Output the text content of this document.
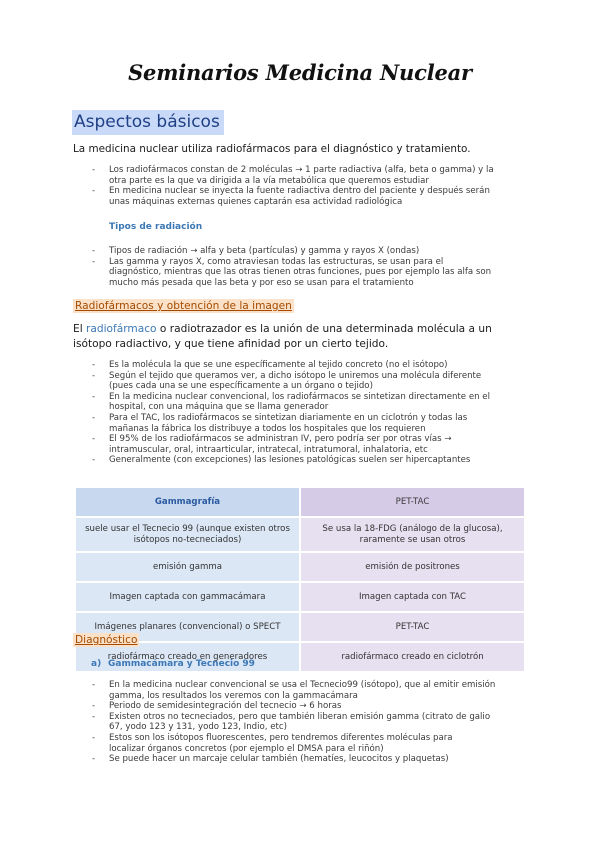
Seminarios Medicina Nuclear
Aspectos básicos
La medicina nuclear utiliza radiofármacos para el diagnóstico y tratamiento.
- Los radiofármacos constan de 2 moléculas → 1 parte radiactiva (alfa, beta o gamma) y la
otra parte es la que va dirigida a la vía metabólica que queremos estudiar
- En medicina nuclear se inyecta la fuente radiactiva dentro del paciente y después serán
unas máquinas externas quienes captarán esa actividad radiológica
Tipos de radiación
- Tipos de radiación → alfa y beta (partículas) y gamma y rayos X (ondas)
- Las gamma y rayos X, como atraviesan todas las estructuras, se usan para el
diagnóstico, mientras que las otras tienen otras funciones, pues por ejemplo las alfa son
mucho más pesada que las beta y por eso se usan para el tratamiento
Radiofármacos y obtención de la imagen
El radiofármaco o radiotrazador es la unión de una determinada molécula a un isótopo radiactivo, y que tiene afinidad por un cierto tejido.
- Es la molécula la que se une específicamente al tejido concreto (no el isótopo)
- Según el tejido que queramos ver, a dicho isótopo le uniremos una molécula diferente
(pues cada una se une específicamente a un órgano o tejido)
- En la medicina nuclear convencional, los radiofármacos se sintetizan directamente en el
hospital, con una máquina que se llama generador
- Para el TAC, los radiofármacos se sintetizan diariamente en un ciclotrón y todas las
mañanas la fábrica los distribuye a todos los hospitales que los requieren
- El 95% de los radiofármacos se administran IV, pero podría ser por otras vías →
intramuscular, oral, intraarticular, intratecal, intratumoral, inhalatoria, etc
- Generalmente (con excepciones) las lesiones patológicas suelen ser hipercaptantes
Gammagrafía	PET-TAC
suele usar el Tecnecio 99 (aunque existen otros isótopos no-tecneciados)	Se usa la 18-FDG (análogo de la glucosa), raramente se usan otros
emisión gamma	emisión de positrones
Imagen captada con gammacámara	Imagen captada con TAC
Imágenes planares (convencional) o SPECT	PET-TAC
radiofármaco creado en generadores	radiofármaco creado en ciclotrón
Diagnóstico
a) Gammacámara y Tecnecio 99
- En la medicina nuclear convencional se usa el Tecnecio99 (isótopo), que al emitir emisión
gamma, los resultados los veremos con la gammacámara
- Periodo de semidesintegración del tecnecio → 6 horas
- Existen otros no tecneciados, pero que también liberan emisión gamma (citrato de galio
67, yodo 123 y 131, yodo 123, Indio, etc)
- Estos son los isótopos fluorescentes, pero tendremos diferentes moléculas para
localizar órganos concretos (por ejemplo el DMSA para el riñón)
- Se puede hacer un marcaje celular también (hematíes, leucocitos y plaquetas)
